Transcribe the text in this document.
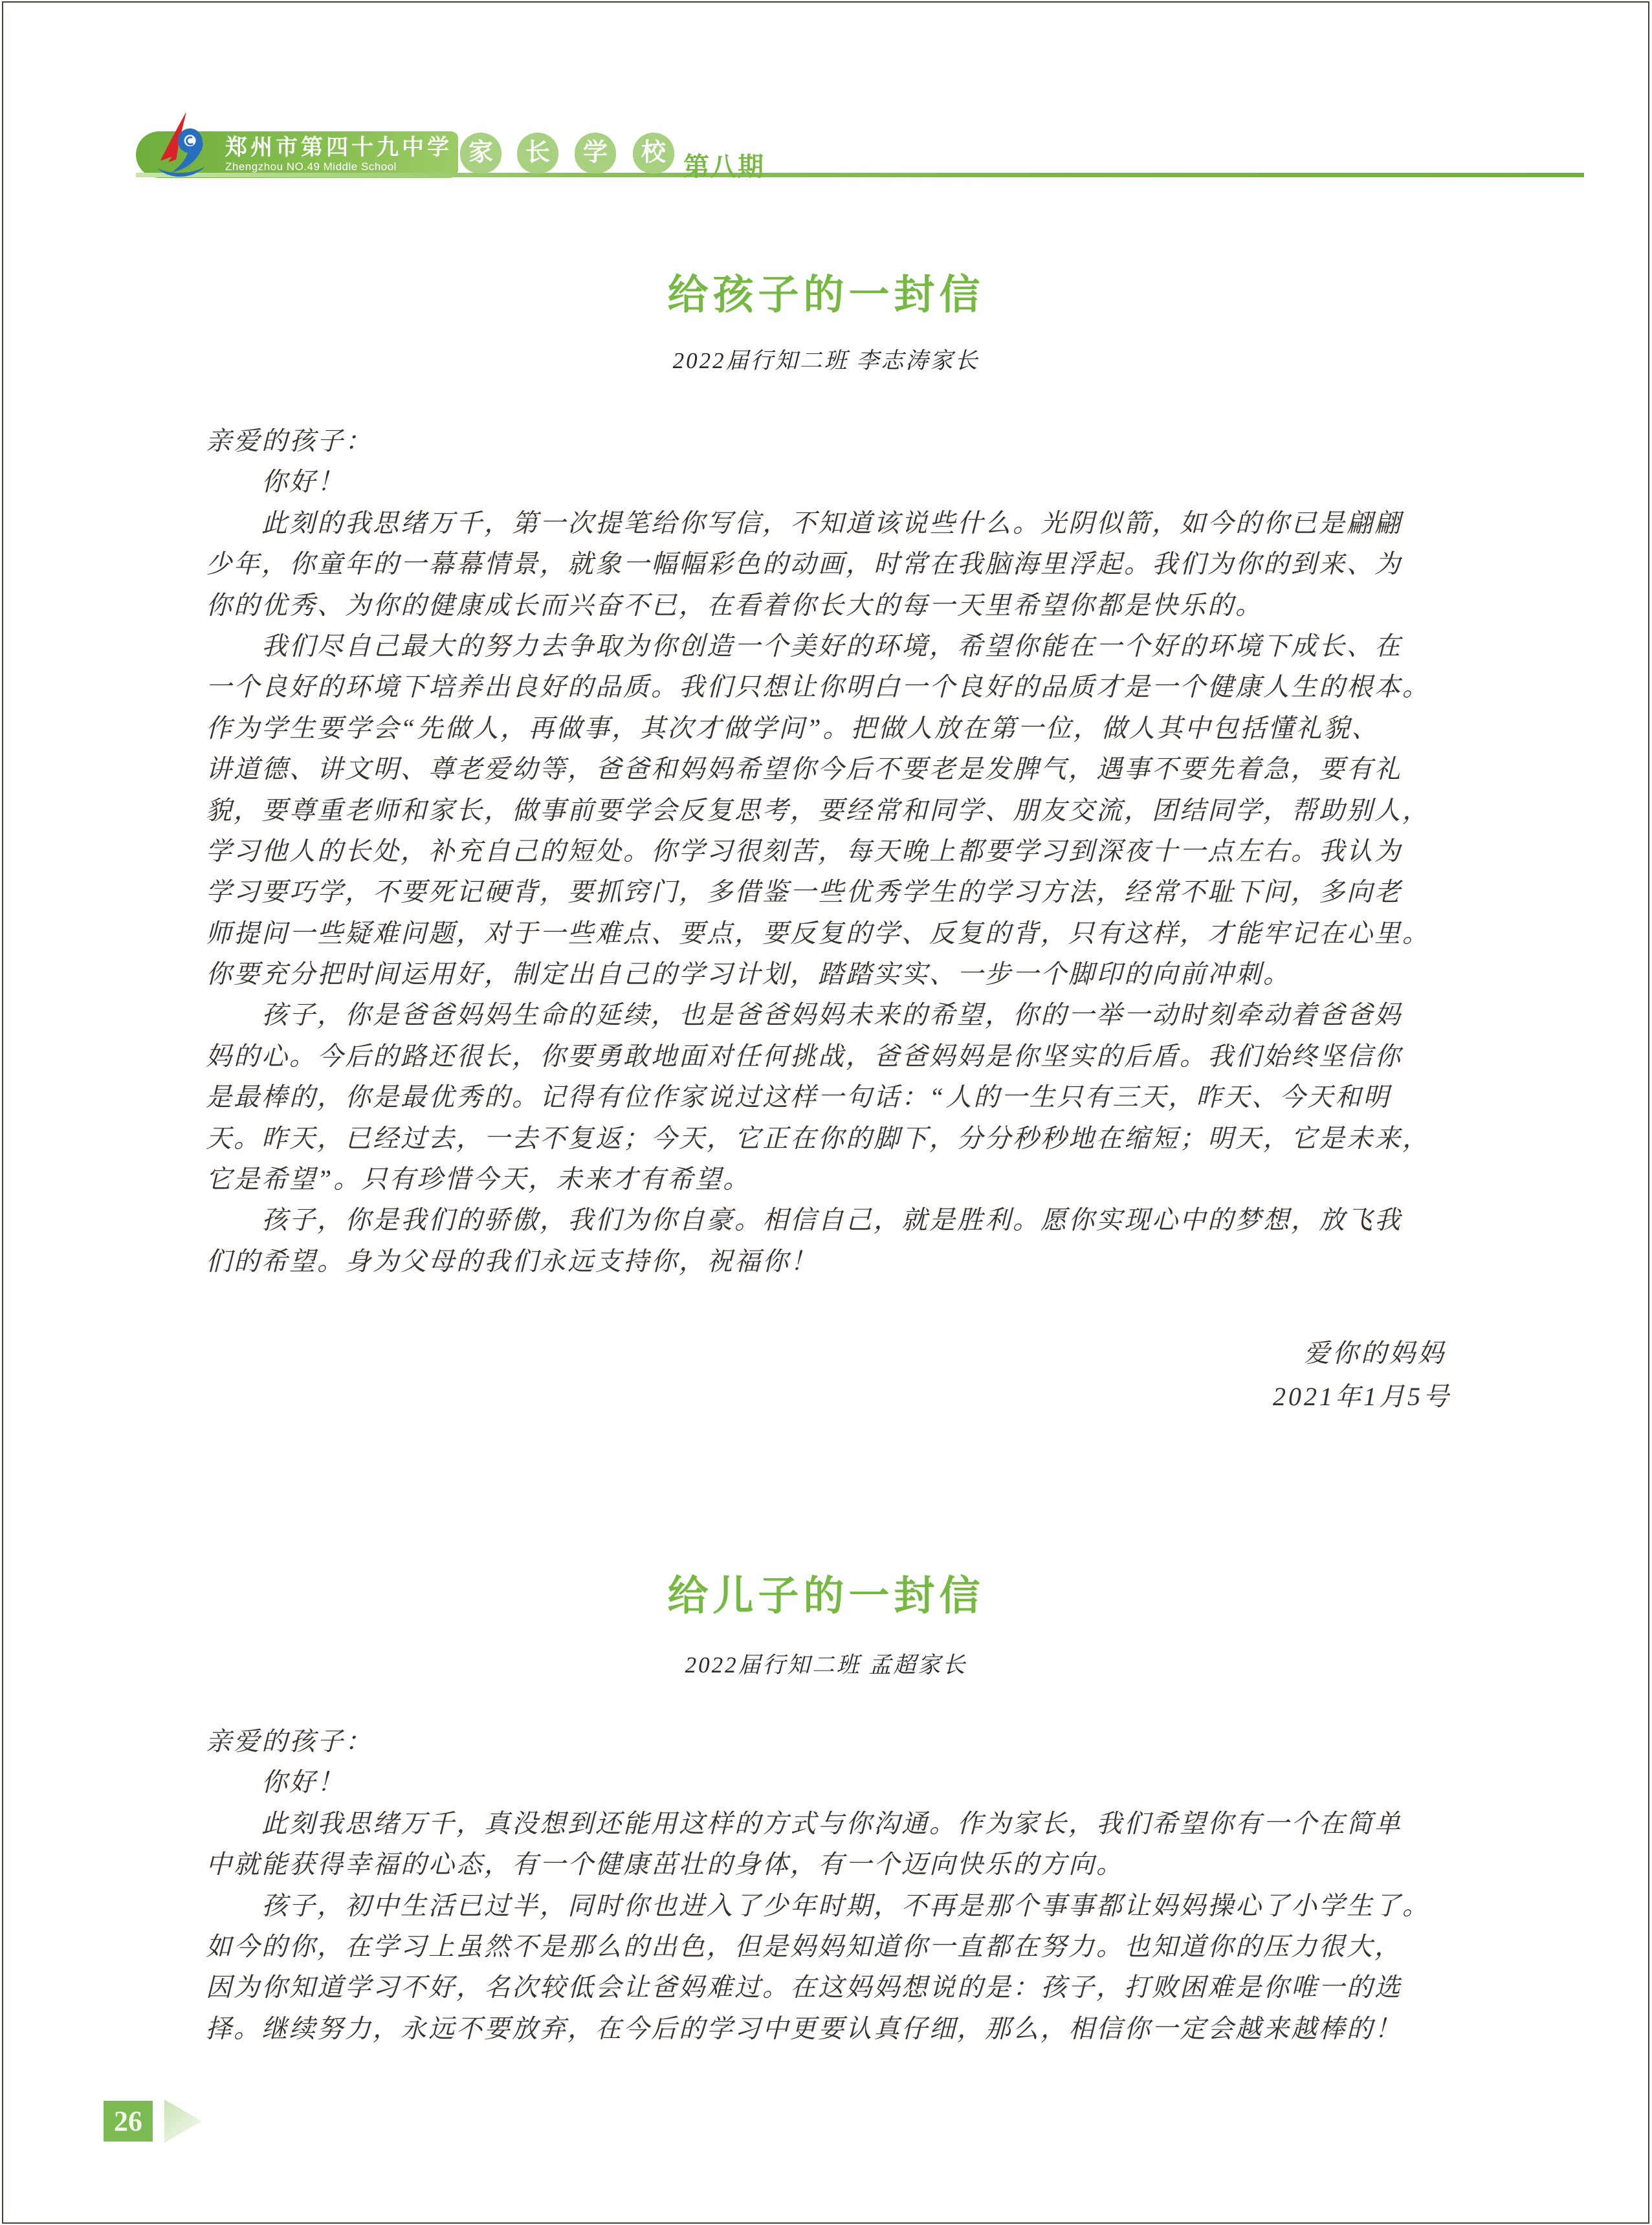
郑州市第四十九中学
Zhengzhou NO.49 Middle School
家	长	学	校 第八期
给孩子的一封信
2022届行知二班 李志涛家长
亲爱的孩子：
　　你好！
　　此刻的我思绪万千，第一次提笔给你写信，不知道该说些什么。光阴似箭，如今的你已是翩翩
少年，你童年的一幕幕情景，就象一幅幅彩色的动画，时常在我脑海里浮起。我们为你的到来、为
你的优秀、为你的健康成长而兴奋不已，在看着你长大的每一天里希望你都是快乐的。
　　我们尽自己最大的努力去争取为你创造一个美好的环境，希望你能在一个好的环境下成长、在
一个良好的环境下培养出良好的品质。我们只想让你明白一个良好的品质才是一个健康人生的根本。
作为学生要学会“先做人，再做事，其次才做学问”。把做人放在第一位，做人其中包括懂礼貌、
讲道德、讲文明、尊老爱幼等，爸爸和妈妈希望你今后不要老是发脾气，遇事不要先着急，要有礼
貌，要尊重老师和家长，做事前要学会反复思考，要经常和同学、朋友交流，团结同学，帮助别人，
学习他人的长处，补充自己的短处。你学习很刻苦，每天晚上都要学习到深夜十一点左右。我认为
学习要巧学，不要死记硬背，要抓窍门，多借鉴一些优秀学生的学习方法，经常不耻下问，多向老
师提问一些疑难问题，对于一些难点、要点，要反复的学、反复的背，只有这样，才能牢记在心里。
你要充分把时间运用好，制定出自己的学习计划，踏踏实实、一步一个脚印的向前冲刺。
　　孩子，你是爸爸妈妈生命的延续，也是爸爸妈妈未来的希望，你的一举一动时刻牵动着爸爸妈
妈的心。今后的路还很长，你要勇敢地面对任何挑战，爸爸妈妈是你坚实的后盾。我们始终坚信你
是最棒的，你是最优秀的。记得有位作家说过这样一句话：“人的一生只有三天，昨天、今天和明
天。昨天，已经过去，一去不复返；今天，它正在你的脚下，分分秒秒地在缩短；明天，它是未来，
它是希望”。只有珍惜今天，未来才有希望。
　　孩子，你是我们的骄傲，我们为你自豪。相信自己，就是胜利。愿你实现心中的梦想，放飞我
们的希望。身为父母的我们永远支持你，祝福你！
爱你的妈妈
2021年1月5号
给儿子的一封信
2022届行知二班 孟超家长
亲爱的孩子：
　　你好！
　　此刻我思绪万千，真没想到还能用这样的方式与你沟通。作为家长，我们希望你有一个在简单
中就能获得幸福的心态，有一个健康茁壮的身体，有一个迈向快乐的方向。
　　孩子，初中生活已过半，同时你也进入了少年时期，不再是那个事事都让妈妈操心了小学生了。
如今的你，在学习上虽然不是那么的出色，但是妈妈知道你一直都在努力。也知道你的压力很大，
因为你知道学习不好，名次较低会让爸妈难过。在这妈妈想说的是：孩子，打败困难是你唯一的选
择。继续努力，永远不要放弃，在今后的学习中更要认真仔细，那么，相信你一定会越来越棒的！
26
